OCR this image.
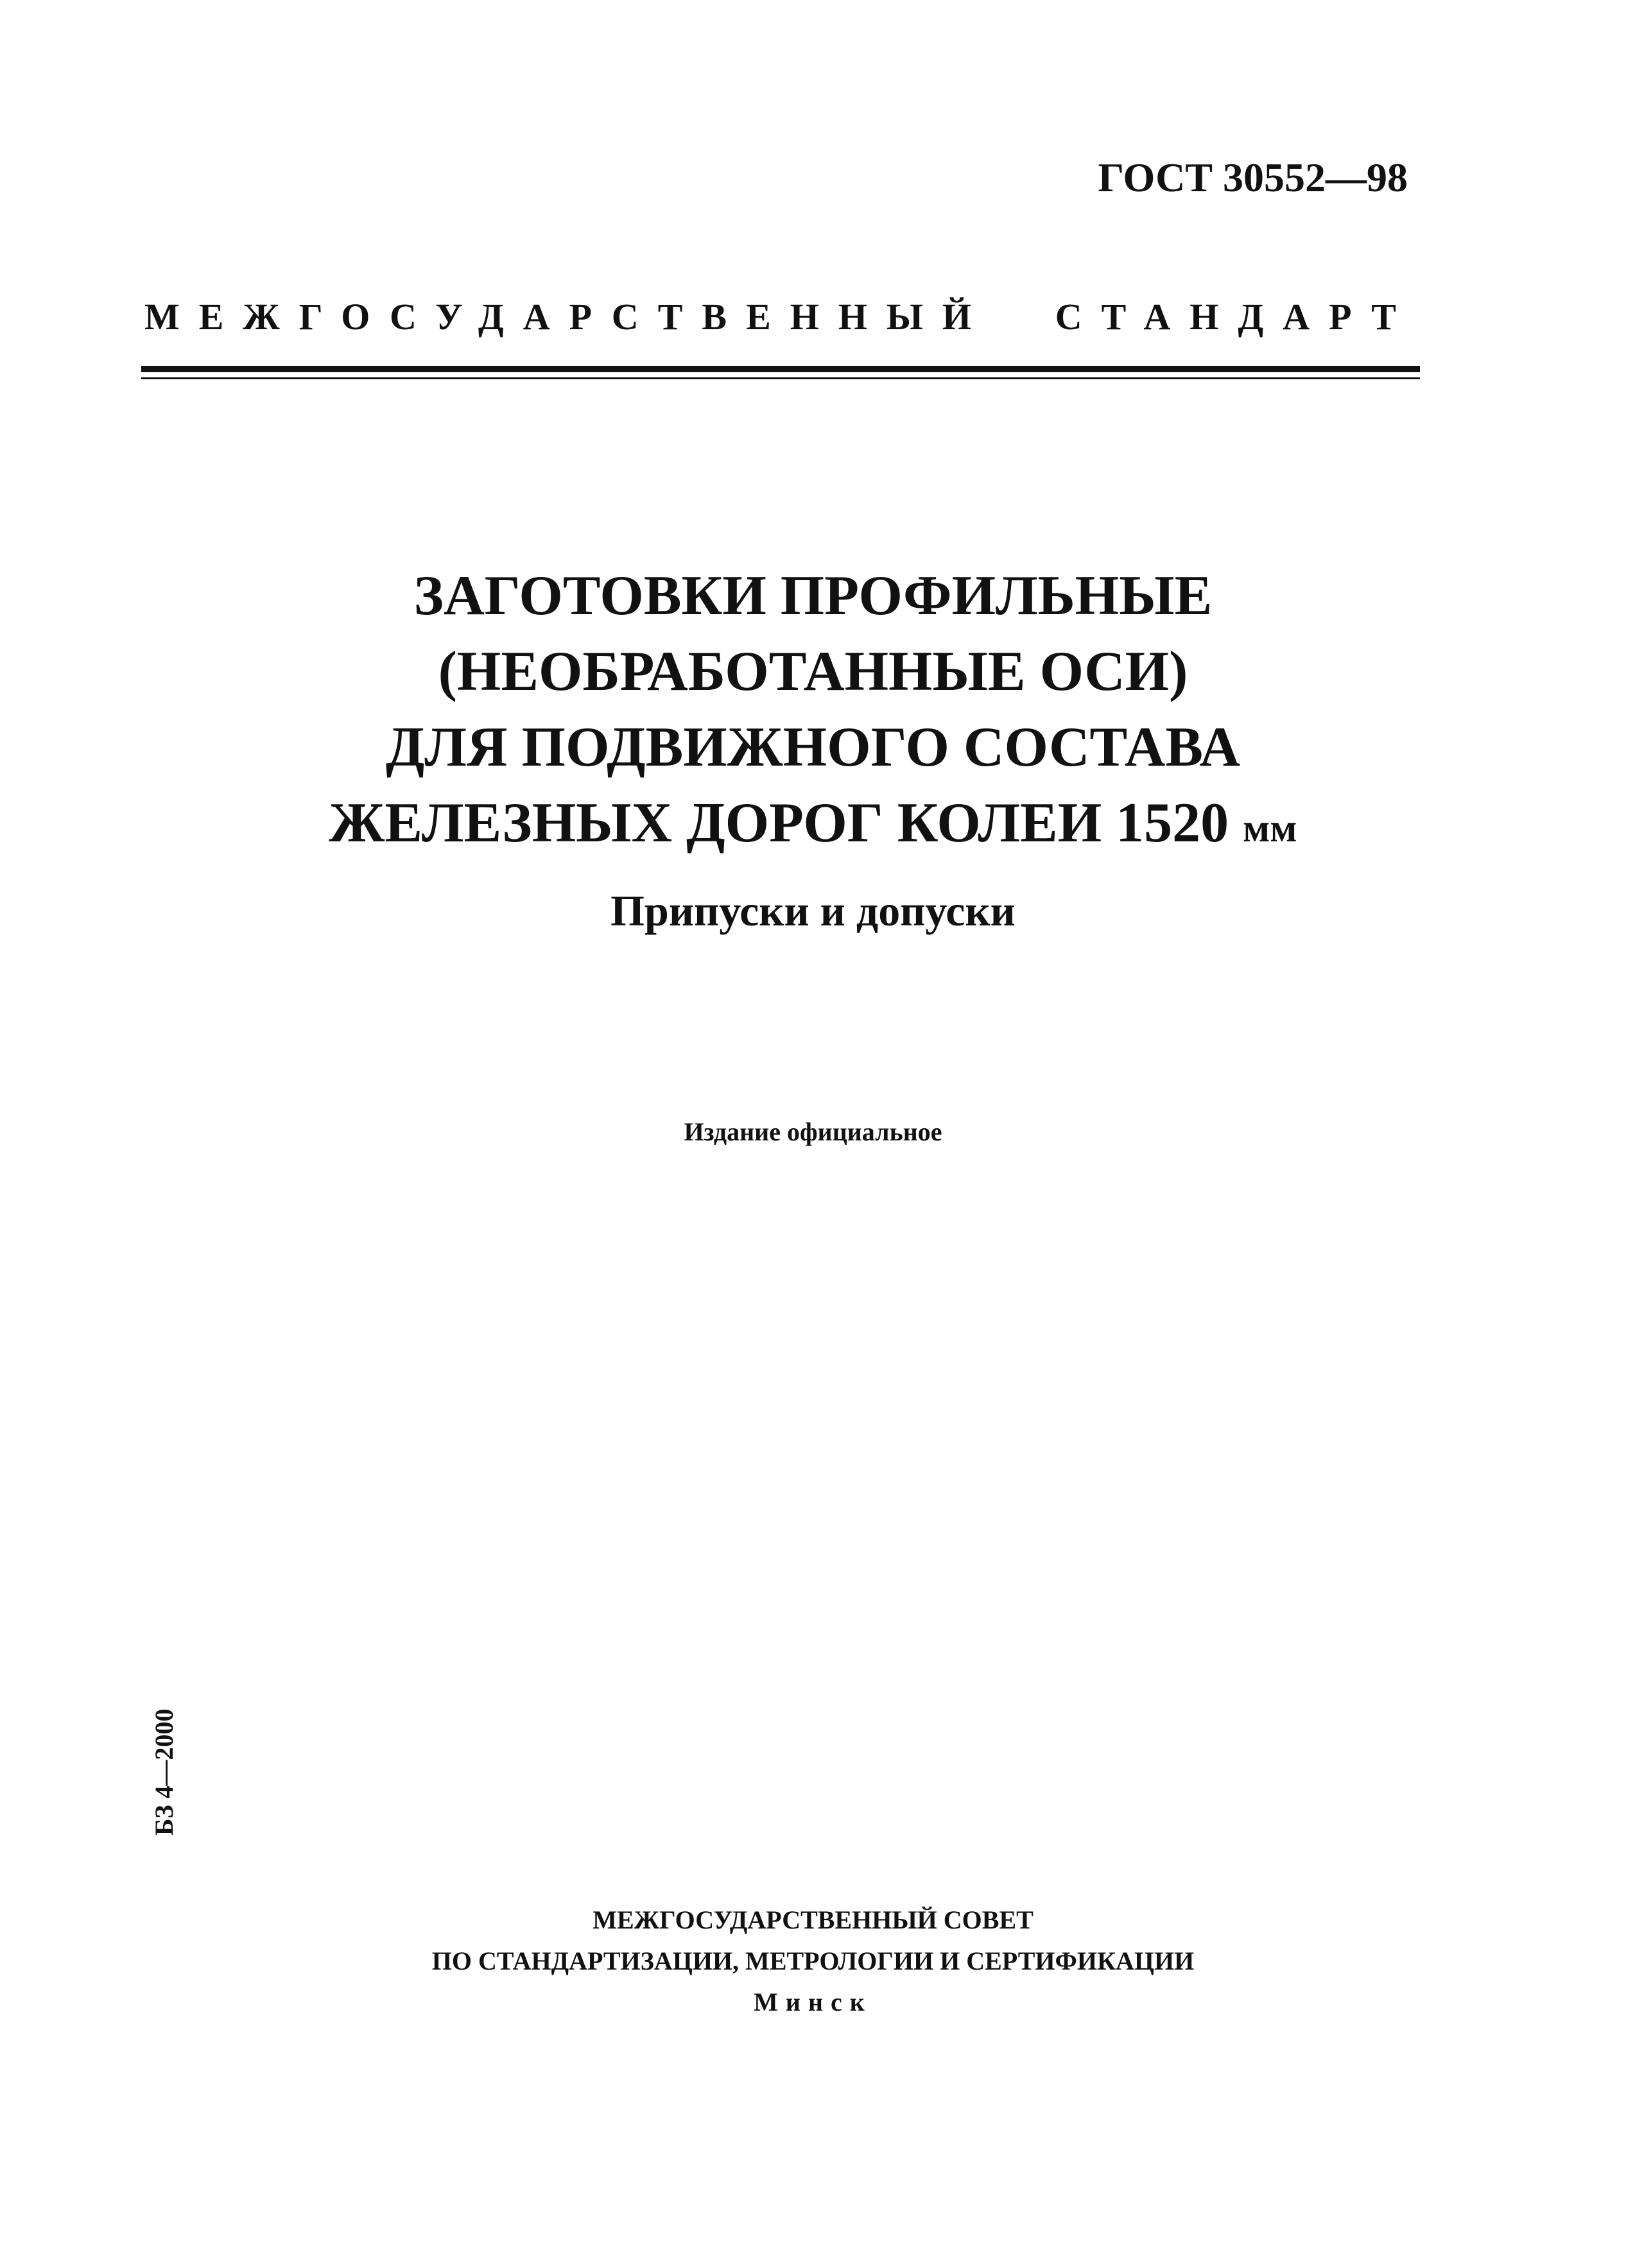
ГОСТ 30552—98
МЕЖГОСУДАРСТВЕННЫЙ СТАНДАРТ
ЗАГОТОВКИ ПРОФИЛЬНЫЕ
(НЕОБРАБОТАННЫЕ ОСИ)
ДЛЯ ПОДВИЖНОГО СОСТАВА
ЖЕЛЕЗНЫХ ДОРОГ КОЛЕИ 1520 мм
Припуски и допуски
Издание официальное
БЗ 4—2000
МЕЖГОСУДАРСТВЕННЫЙ СОВЕТ
ПО СТАНДАРТИЗАЦИИ, МЕТРОЛОГИИ И СЕРТИФИКАЦИИ
Минск
